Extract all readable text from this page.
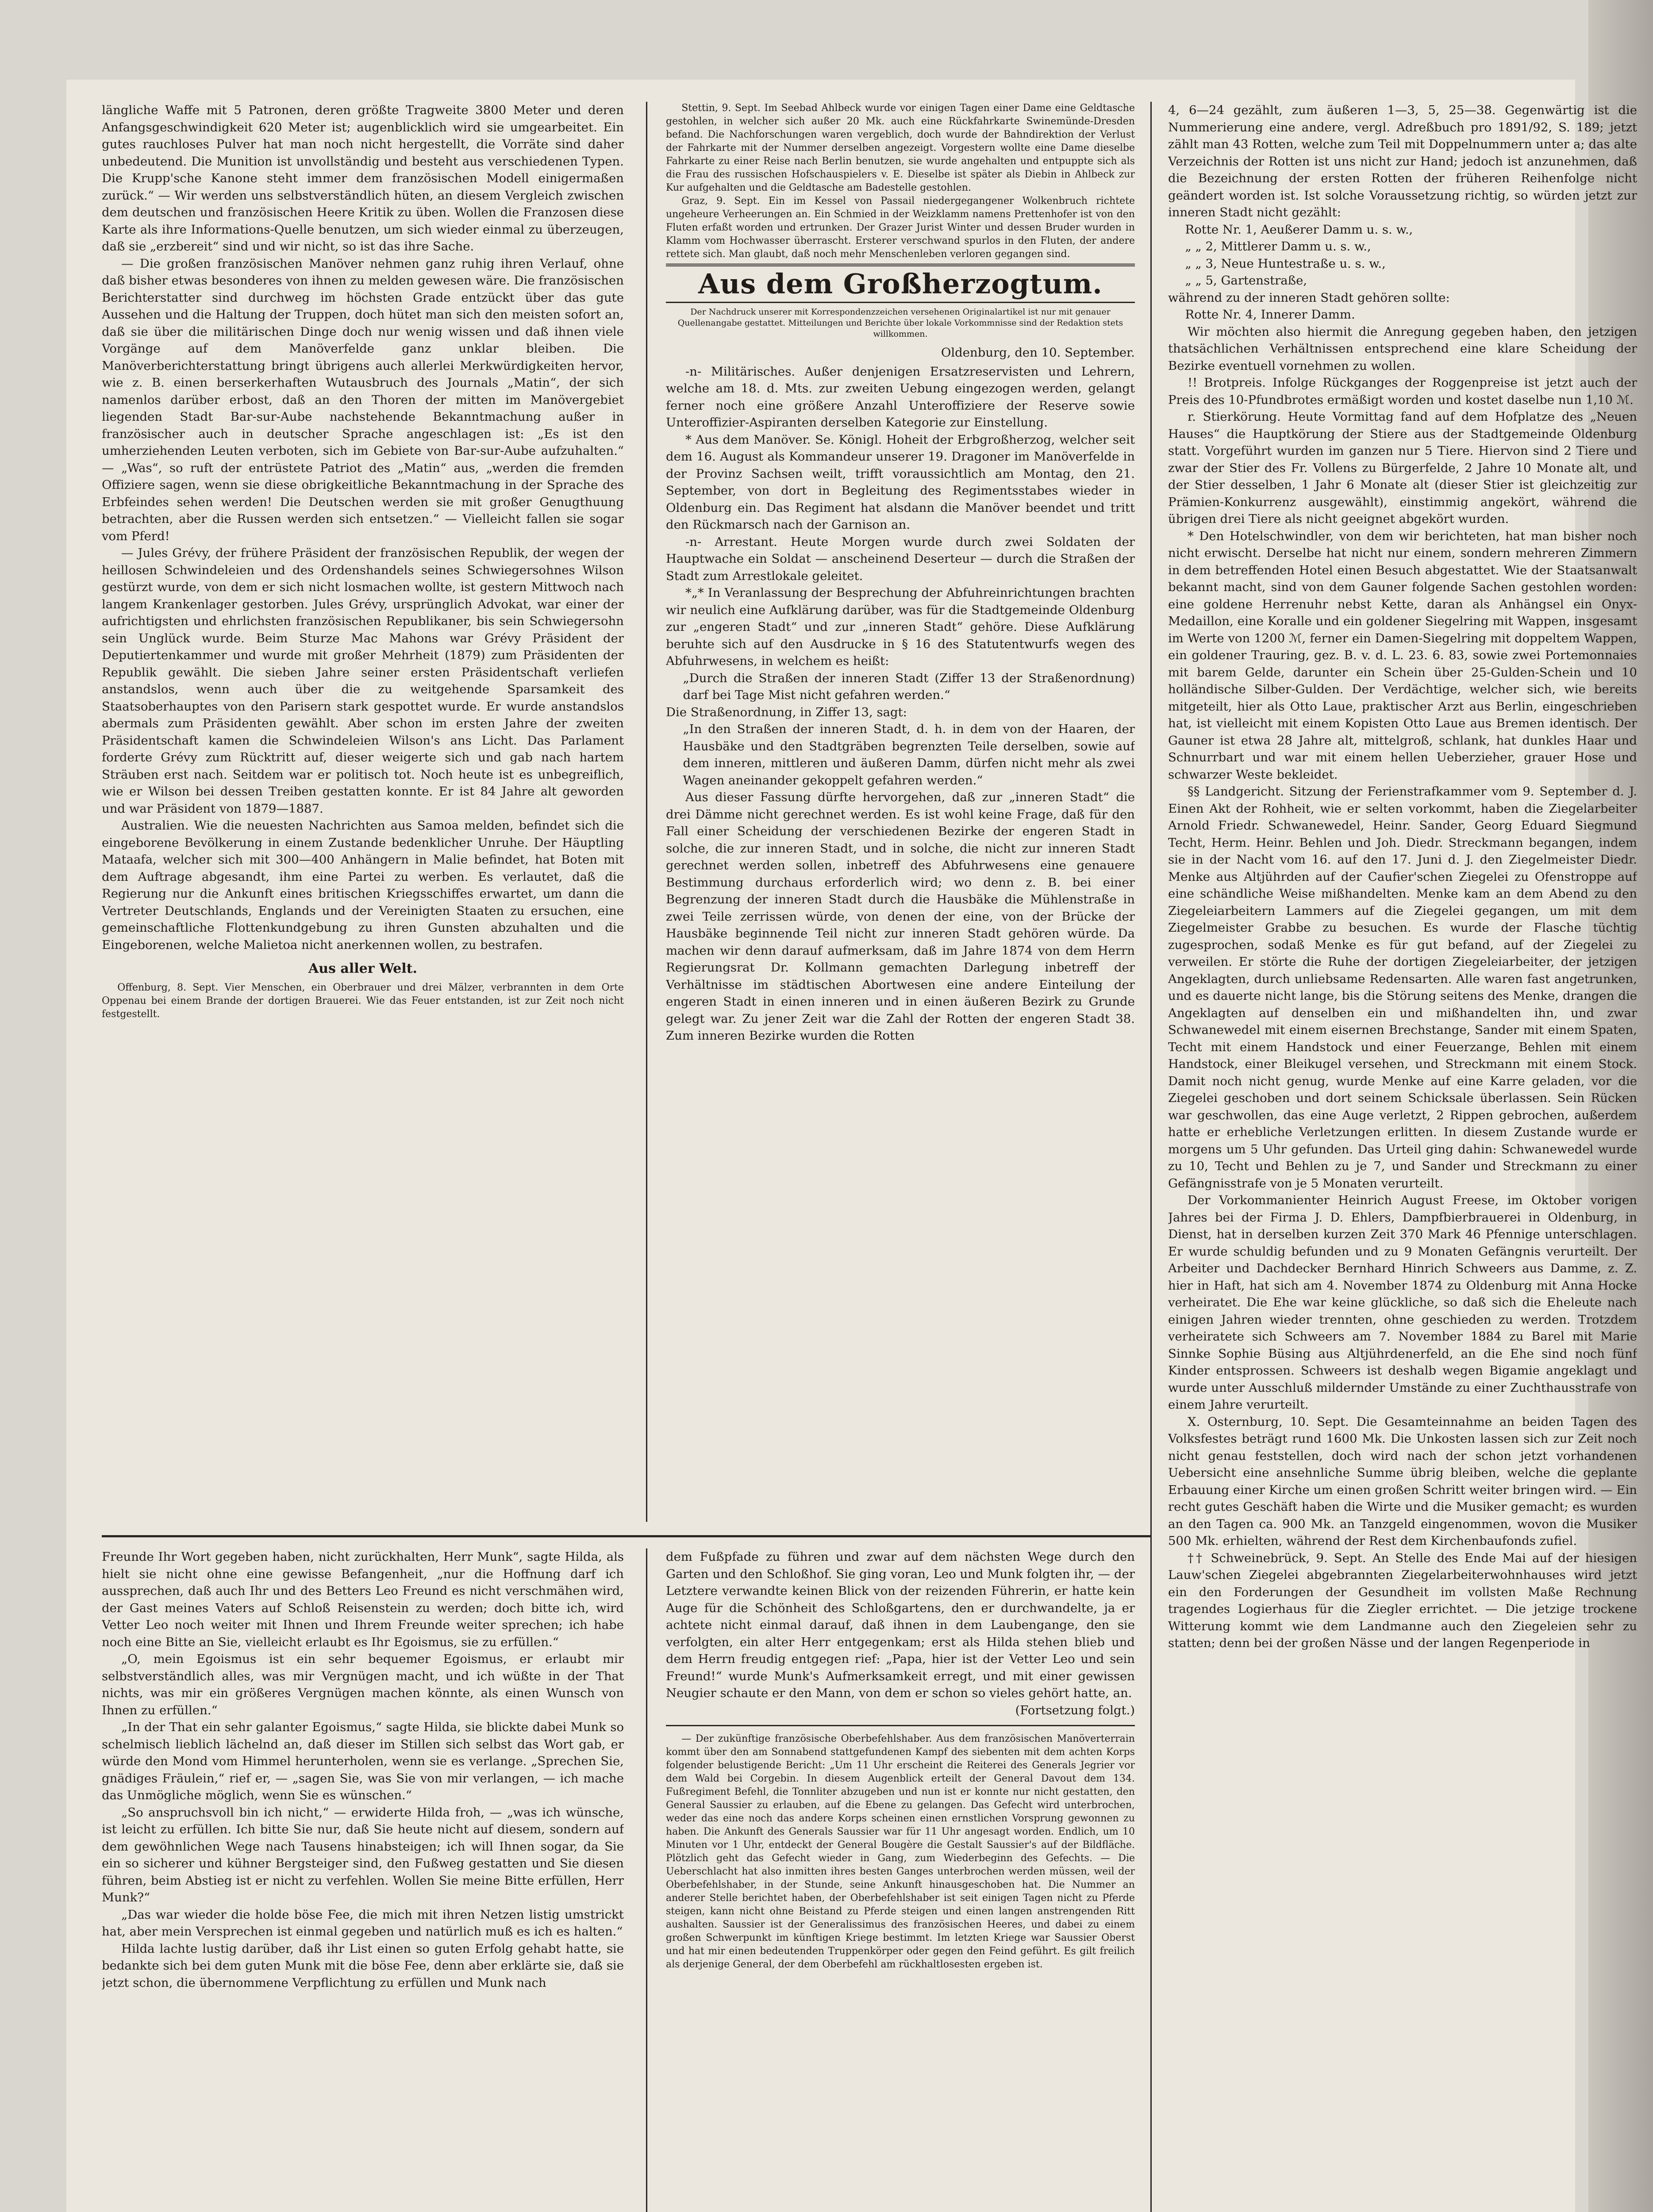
längliche Waffe mit 5 Patronen, deren größte Tragweite 3800 Meter und deren Anfangsgeschwindigkeit 620 Meter ist; augenblicklich wird sie umgearbeitet. Ein gutes rauchloses Pulver hat man noch nicht hergestellt, die Vorräte sind daher unbedeutend. Die Munition ist unvollständig und besteht aus verschiedenen Typen. Die Krupp'sche Kanone steht immer dem französischen Modell einigermaßen zurück.“ — Wir werden uns selbstverständlich hüten, an diesem Vergleich zwischen dem deutschen und französischen Heere Kritik zu üben. Wollen die Franzosen diese Karte als ihre Informations-Quelle benutzen, um sich wieder einmal zu überzeugen, daß sie „erzbereit“ sind und wir nicht, so ist das ihre Sache.

— Die großen französischen Manöver nehmen ganz ruhig ihren Verlauf, ohne daß bisher etwas besonderes von ihnen zu melden gewesen wäre. Die französischen Berichterstatter sind durchweg im höchsten Grade entzückt über das gute Aussehen und die Haltung der Truppen, doch hütet man sich den meisten sofort an, daß sie über die militärischen Dinge doch nur wenig wissen und daß ihnen viele Vorgänge auf dem Manöverfelde ganz unklar bleiben. Die Manöverberichterstattung bringt übrigens auch allerlei Merkwürdigkeiten hervor, wie z. B. einen berserkerhaften Wutausbruch des Journals „Matin“, der sich namenlos darüber erbost, daß an den Thoren der mitten im Manövergebiet liegenden Stadt Bar-sur-Aube nachstehende Bekanntmachung außer in französischer auch in deutscher Sprache angeschlagen ist: „Es ist den umherziehenden Leuten verboten, sich im Gebiete von Bar-sur-Aube aufzuhalten.“ — „Was“, so ruft der entrüstete Patriot des „Matin“ aus, „werden die fremden Offiziere sagen, wenn sie diese obrigkeitliche Bekanntmachung in der Sprache des Erbfeindes sehen werden! Die Deutschen werden sie mit großer Genugthuung betrachten, aber die Russen werden sich entsetzen.“ — Vielleicht fallen sie sogar vom Pferd!

— Jules Grévy, der frühere Präsident der französischen Republik, der wegen der heillosen Schwindeleien und des Ordenshandels seines Schwiegersohnes Wilson gestürzt wurde, von dem er sich nicht losmachen wollte, ist gestern Mittwoch nach langem Krankenlager gestorben. Jules Grévy, ursprünglich Advokat, war einer der aufrichtigsten und ehrlichsten französischen Republikaner, bis sein Schwiegersohn sein Unglück wurde. Beim Sturze Mac Mahons war Grévy Präsident der Deputiertenkammer und wurde mit großer Mehrheit (1879) zum Präsidenten der Republik gewählt. Die sieben Jahre seiner ersten Präsidentschaft verliefen anstandslos, wenn auch über die zu weitgehende Sparsamkeit des Staatsoberhauptes von den Parisern stark gespottet wurde. Er wurde anstandslos abermals zum Präsidenten gewählt. Aber schon im ersten Jahre der zweiten Präsidentschaft kamen die Schwindeleien Wilson's ans Licht. Das Parlament forderte Grévy zum Rücktritt auf, dieser weigerte sich und gab nach hartem Sträuben erst nach. Seitdem war er politisch tot. Noch heute ist es unbegreiflich, wie er Wilson bei dessen Treiben gestatten konnte. Er ist 84 Jahre alt geworden und war Präsident von 1879—1887.

Australien. Wie die neuesten Nachrichten aus Samoa melden, befindet sich die eingeborene Bevölkerung in einem Zustande bedenklicher Unruhe. Der Häuptling Mataafa, welcher sich mit 300—400 Anhängern in Malie befindet, hat Boten mit dem Auftrage abgesandt, ihm eine Partei zu werben. Es verlautet, daß die Regierung nur die Ankunft eines britischen Kriegsschiffes erwartet, um dann die Vertreter Deutschlands, Englands und der Vereinigten Staaten zu ersuchen, eine gemeinschaftliche Flottenkundgebung zu ihren Gunsten abzuhalten und die Eingeborenen, welche Malietoa nicht anerkennen wollen, zu bestrafen.

Aus aller Welt.

Offenburg, 8. Sept. Vier Menschen, ein Oberbrauer und drei Mälzer, verbrannten in dem Orte Oppenau bei einem Brande der dortigen Brauerei. Wie das Feuer entstanden, ist zur Zeit noch nicht festgestellt.

Stettin, 9. Sept. Im Seebad Ahlbeck wurde vor einigen Tagen einer Dame eine Geldtasche gestohlen, in welcher sich außer 20 Mk. auch eine Rückfahrkarte Swinemünde-Dresden befand. Die Nachforschungen waren vergeblich, doch wurde der Bahndirektion der Verlust der Fahrkarte mit der Nummer derselben angezeigt. Vorgestern wollte eine Dame dieselbe Fahrkarte zu einer Reise nach Berlin benutzen, sie wurde angehalten und entpuppte sich als die Frau des russischen Hofschauspielers v. E. Dieselbe ist später als Diebin in Ahlbeck zur Kur aufgehalten und die Geldtasche am Badestelle gestohlen.

Graz, 9. Sept. Ein im Kessel von Passail niedergegangener Wolkenbruch richtete ungeheure Verheerungen an. Ein Schmied in der Weizklamm namens Prettenhofer ist von den Fluten erfaßt worden und ertrunken. Der Grazer Jurist Winter und dessen Bruder wurden in Klamm vom Hochwasser überrascht. Ersterer verschwand spurlos in den Fluten, der andere rettete sich. Man glaubt, daß noch mehr Menschenleben verloren gegangen sind.

Aus dem Großherzogtum.
Der Nachdruck unserer mit Korrespondenzzeichen versehenen Originalartikel ist nur mit genauer Quellenangabe gestattet. Mitteilungen und Berichte über lokale Vorkommnisse sind der Redaktion stets willkommen.
Oldenburg, den 10. September.

-n- Militärisches. Außer denjenigen Ersatzreservisten und Lehrern, welche am 18. d. Mts. zur zweiten Uebung eingezogen werden, gelangt ferner noch eine größere Anzahl Unteroffiziere der Reserve sowie Unteroffizier-Aspiranten derselben Kategorie zur Einstellung.

* Aus dem Manöver. Se. Königl. Hoheit der Erbgroßherzog, welcher seit dem 16. August als Kommandeur unserer 19. Dragoner im Manöverfelde in der Provinz Sachsen weilt, trifft voraussichtlich am Montag, den 21. September, von dort in Begleitung des Regimentsstabes wieder in Oldenburg ein. Das Regiment hat alsdann die Manöver beendet und tritt den Rückmarsch nach der Garnison an.

-n- Arrestant. Heute Morgen wurde durch zwei Soldaten der Hauptwache ein Soldat — anscheinend Deserteur — durch die Straßen der Stadt zum Arrestlokale geleitet.

*„* In Veranlassung der Besprechung der Abfuhreinrichtungen brachten wir neulich eine Aufklärung darüber, was für die Stadtgemeinde Oldenburg zur „engeren Stadt“ und zur „inneren Stadt“ gehöre. Diese Aufklärung beruhte sich auf den Ausdrucke in § 16 des Statutentwurfs wegen des Abfuhrwesens, in welchem es heißt:

„Durch die Straßen der inneren Stadt (Ziffer 13 der Straßenordnung) darf bei Tage Mist nicht gefahren werden.“

Die Straßenordnung, in Ziffer 13, sagt:

„In den Straßen der inneren Stadt, d. h. in dem von der Haaren, der Hausbäke und den Stadtgräben begrenzten Teile derselben, sowie auf dem inneren, mittleren und äußeren Damm, dürfen nicht mehr als zwei Wagen aneinander gekoppelt gefahren werden.“

Aus dieser Fassung dürfte hervorgehen, daß zur „inneren Stadt“ die drei Dämme nicht gerechnet werden. Es ist wohl keine Frage, daß für den Fall einer Scheidung der verschiedenen Bezirke der engeren Stadt in solche, die zur inneren Stadt, und in solche, die nicht zur inneren Stadt gerechnet werden sollen, inbetreff des Abfuhrwesens eine genauere Bestimmung durchaus erforderlich wird; wo denn z. B. bei einer Begrenzung der inneren Stadt durch die Hausbäke die Mühlenstraße in zwei Teile zerrissen würde, von denen der eine, von der Brücke der Hausbäke beginnende Teil nicht zur inneren Stadt gehören würde. Da machen wir denn darauf aufmerksam, daß im Jahre 1874 von dem Herrn Regierungsrat Dr. Kollmann gemachten Darlegung inbetreff der Verhältnisse im städtischen Abortwesen eine andere Einteilung der engeren Stadt in einen inneren und in einen äußeren Bezirk zu Grunde gelegt war. Zu jener Zeit war die Zahl der Rotten der engeren Stadt 38. Zum inneren Bezirke wurden die Rotten

4, 6—24 gezählt, zum äußeren 1—3, 5, 25—38. Gegenwärtig ist die Nummerierung eine andere, vergl. Adreßbuch pro 1891/92, S. 189; jetzt zählt man 43 Rotten, welche zum Teil mit Doppelnummern unter a; das alte Verzeichnis der Rotten ist uns nicht zur Hand; jedoch ist anzunehmen, daß die Bezeichnung der ersten Rotten der früheren Reihenfolge nicht geändert worden ist. Ist solche Voraussetzung richtig, so würden jetzt zur inneren Stadt nicht gezählt:

Rotte Nr. 1, Aeußerer Damm u. s. w.,

„ „ 2, Mittlerer Damm u. s. w.,

„ „ 3, Neue Huntestraße u. s. w.,

„ „ 5, Gartenstraße,

während zu der inneren Stadt gehören sollte:

Rotte Nr. 4, Innerer Damm.

Wir möchten also hiermit die Anregung gegeben haben, den jetzigen thatsächlichen Verhältnissen entsprechend eine klare Scheidung der Bezirke eventuell vornehmen zu wollen.

!! Brotpreis. Infolge Rückganges der Roggenpreise ist jetzt auch der Preis des 10-Pfundbrotes ermäßigt worden und kostet daselbe nun 1,10 ℳ.

r. Stierkörung. Heute Vormittag fand auf dem Hofplatze des „Neuen Hauses“ die Hauptkörung der Stiere aus der Stadtgemeinde Oldenburg statt. Vorgeführt wurden im ganzen nur 5 Tiere. Hiervon sind 2 Tiere und zwar der Stier des Fr. Vollens zu Bürgerfelde, 2 Jahre 10 Monate alt, und der Stier desselben, 1 Jahr 6 Monate alt (dieser Stier ist gleichzeitig zur Prämien-Konkurrenz ausgewählt), einstimmig angekört, während die übrigen drei Tiere als nicht geeignet abgekört wurden.

* Den Hotelschwindler, von dem wir berichteten, hat man bisher noch nicht erwischt. Derselbe hat nicht nur einem, sondern mehreren Zimmern in dem betreffenden Hotel einen Besuch abgestattet. Wie der Staatsanwalt bekannt macht, sind von dem Gauner folgende Sachen gestohlen worden: eine goldene Herrenuhr nebst Kette, daran als Anhängsel ein Onyx-Medaillon, eine Koralle und ein goldener Siegelring mit Wappen, insgesamt im Werte von 1200 ℳ, ferner ein Damen-Siegelring mit doppeltem Wappen, ein goldener Trauring, gez. B. v. d. L. 23. 6. 83, sowie zwei Portemonnaies mit barem Gelde, darunter ein Schein über 25-Gulden-Schein und 10 holländische Silber-Gulden. Der Verdächtige, welcher sich, wie bereits mitgeteilt, hier als Otto Laue, praktischer Arzt aus Berlin, eingeschrieben hat, ist vielleicht mit einem Kopisten Otto Laue aus Bremen identisch. Der Gauner ist etwa 28 Jahre alt, mittelgroß, schlank, hat dunkles Haar und Schnurrbart und war mit einem hellen Ueberzieher, grauer Hose und schwarzer Weste bekleidet.

§§ Landgericht. Sitzung der Ferienstrafkammer vom 9. September d. J. Einen Akt der Rohheit, wie er selten vorkommt, haben die Ziegelarbeiter Arnold Friedr. Schwanewedel, Heinr. Sander, Georg Eduard Siegmund Techt, Herm. Heinr. Behlen und Joh. Diedr. Streckmann begangen, indem sie in der Nacht vom 16. auf den 17. Juni d. J. den Ziegelmeister Diedr. Menke aus Altjührden auf der Caufier'schen Ziegelei zu Ofenstroppe auf eine schändliche Weise mißhandelten. Menke kam an dem Abend zu den Ziegeleiarbeitern Lammers auf die Ziegelei gegangen, um mit dem Ziegelmeister Grabbe zu besuchen. Es wurde der Flasche tüchtig zugesprochen, sodaß Menke es für gut befand, auf der Ziegelei zu verweilen. Er störte die Ruhe der dortigen Ziegeleiarbeiter, der jetzigen Angeklagten, durch unliebsame Redensarten. Alle waren fast angetrunken, und es dauerte nicht lange, bis die Störung seitens des Menke, drangen die Angeklagten auf denselben ein und mißhandelten ihn, und zwar Schwanewedel mit einem eisernen Brechstange, Sander mit einem Spaten, Techt mit einem Handstock und einer Feuerzange, Behlen mit einem Handstock, einer Bleikugel versehen, und Streckmann mit einem Stock. Damit noch nicht genug, wurde Menke auf eine Karre geladen, vor die Ziegelei geschoben und dort seinem Schicksale überlassen. Sein Rücken war geschwollen, das eine Auge verletzt, 2 Rippen gebrochen, außerdem hatte er erhebliche Verletzungen erlitten. In diesem Zustande wurde er morgens um 5 Uhr gefunden. Das Urteil ging dahin: Schwanewedel wurde zu 10, Techt und Behlen zu je 7, und Sander und Streckmann zu einer Gefängnisstrafe von je 5 Monaten verurteilt.

Der Vorkommanienter Heinrich August Freese, im Oktober vorigen Jahres bei der Firma J. D. Ehlers, Dampfbierbrauerei in Oldenburg, in Dienst, hat in derselben kurzen Zeit 370 Mark 46 Pfennige unterschlagen. Er wurde schuldig befunden und zu 9 Monaten Gefängnis verurteilt. Der Arbeiter und Dachdecker Bernhard Hinrich Schweers aus Damme, z. Z. hier in Haft, hat sich am 4. November 1874 zu Oldenburg mit Anna Hocke verheiratet. Die Ehe war keine glückliche, so daß sich die Eheleute nach einigen Jahren wieder trennten, ohne geschieden zu werden. Trotzdem verheiratete sich Schweers am 7. November 1884 zu Barel mit Marie Sinnke Sophie Büsing aus Altjührdenerfeld, an die Ehe sind noch fünf Kinder entsprossen. Schweers ist deshalb wegen Bigamie angeklagt und wurde unter Ausschluß mildernder Umstände zu einer Zuchthausstrafe von einem Jahre verurteilt.

X. Osternburg, 10. Sept. Die Gesamteinnahme an beiden Tagen des Volksfestes beträgt rund 1600 Mk. Die Unkosten lassen sich zur Zeit noch nicht genau feststellen, doch wird nach der schon jetzt vorhandenen Uebersicht eine ansehnliche Summe übrig bleiben, welche die geplante Erbauung einer Kirche um einen großen Schritt weiter bringen wird. — Ein recht gutes Geschäft haben die Wirte und die Musiker gemacht; es wurden an den Tagen ca. 900 Mk. an Tanzgeld eingenommen, wovon die Musiker 500 Mk. erhielten, während der Rest dem Kirchenbaufonds zufiel.

†† Schweinebrück, 9. Sept. An Stelle des Ende Mai auf der hiesigen Lauw'schen Ziegelei abgebrannten Ziegelarbeiterwohnhauses wird jetzt ein den Forderungen der Gesundheit im vollsten Maße Rechnung tragendes Logierhaus für die Ziegler errichtet. — Die jetzige trockene Witterung kommt wie dem Landmanne auch den Ziegeleien sehr zu statten; denn bei der großen Nässe und der langen Regenperiode in

Freunde Ihr Wort gegeben haben, nicht zurückhalten, Herr Munk“, sagte Hilda, als hielt sie nicht ohne eine gewisse Befangenheit, „nur die Hoffnung darf ich aussprechen, daß auch Ihr und des Betters Leo Freund es nicht verschmähen wird, der Gast meines Vaters auf Schloß Reisenstein zu werden; doch bitte ich, wird Vetter Leo noch weiter mit Ihnen und Ihrem Freunde weiter sprechen; ich habe noch eine Bitte an Sie, vielleicht erlaubt es Ihr Egoismus, sie zu erfüllen.“

„O, mein Egoismus ist ein sehr bequemer Egoismus, er erlaubt mir selbstverständlich alles, was mir Vergnügen macht, und ich wüßte in der That nichts, was mir ein größeres Vergnügen machen könnte, als einen Wunsch von Ihnen zu erfüllen.“

„In der That ein sehr galanter Egoismus,“ sagte Hilda, sie blickte dabei Munk so schelmisch lieblich lächelnd an, daß dieser im Stillen sich selbst das Wort gab, er würde den Mond vom Himmel herunterholen, wenn sie es verlange. „Sprechen Sie, gnädiges Fräulein,“ rief er, — „sagen Sie, was Sie von mir verlangen, — ich mache das Unmögliche möglich, wenn Sie es wünschen.“

„So anspruchsvoll bin ich nicht,“ — erwiderte Hilda froh, — „was ich wünsche, ist leicht zu erfüllen. Ich bitte Sie nur, daß Sie heute nicht auf diesem, sondern auf dem gewöhnlichen Wege nach Tausens hinabsteigen; ich will Ihnen sogar, da Sie ein so sicherer und kühner Bergsteiger sind, den Fußweg gestatten und Sie diesen führen, beim Abstieg ist er nicht zu verfehlen. Wollen Sie meine Bitte erfüllen, Herr Munk?“

„Das war wieder die holde böse Fee, die mich mit ihren Netzen listig umstrickt hat, aber mein Versprechen ist einmal gegeben und natürlich muß es ich es halten.“

Hilda lachte lustig darüber, daß ihr List einen so guten Erfolg gehabt hatte, sie bedankte sich bei dem guten Munk mit die böse Fee, denn aber erklärte sie, daß sie jetzt schon, die übernommene Verpflichtung zu erfüllen und Munk nach

dem Fußpfade zu führen und zwar auf dem nächsten Wege durch den Garten und den Schloßhof. Sie ging voran, Leo und Munk folgten ihr, — der Letztere verwandte keinen Blick von der reizenden Führerin, er hatte kein Auge für die Schönheit des Schloßgartens, den er durchwandelte, ja er achtete nicht einmal darauf, daß ihnen in dem Laubengange, den sie verfolgten, ein alter Herr entgegenkam; erst als Hilda stehen blieb und dem Herrn freudig entgegen rief: „Papa, hier ist der Vetter Leo und sein Freund!“ wurde Munk's Aufmerksamkeit erregt, und mit einer gewissen Neugier schaute er den Mann, von dem er schon so vieles gehört hatte, an.

(Fortsetzung folgt.)

— Der zukünftige französische Oberbefehlshaber. Aus dem französischen Manöverterrain kommt über den am Sonnabend stattgefundenen Kampf des siebenten mit dem achten Korps folgender belustigende Bericht: „Um 11 Uhr erscheint die Reiterei des Generals Jegrier vor dem Wald bei Corgebin. In diesem Augenblick erteilt der General Davout dem 134. Fußregiment Befehl, die Tonnliter abzugeben und nun ist er konnte nur nicht gestatten, den General Saussier zu erlauben, auf die Ebene zu gelangen. Das Gefecht wird unterbrochen, weder das eine noch das andere Korps scheinen einen ernstlichen Vorsprung gewonnen zu haben. Die Ankunft des Generals Saussier war für 11 Uhr angesagt worden. Endlich, um 10 Minuten vor 1 Uhr, entdeckt der General Bougère die Gestalt Saussier's auf der Bildfläche. Plötzlich geht das Gefecht wieder in Gang, zum Wiederbeginn des Gefechts. — Die Ueberschlacht hat also inmitten ihres besten Ganges unterbrochen werden müssen, weil der Oberbefehlshaber, in der Stunde, seine Ankunft hinausgeschoben hat. Die Nummer an anderer Stelle berichtet haben, der Oberbefehlshaber ist seit einigen Tagen nicht zu Pferde steigen, kann nicht ohne Beistand zu Pferde steigen und einen langen anstrengenden Ritt aushalten. Saussier ist der Generalissimus des französischen Heeres, und dabei zu einem großen Schwerpunkt im künftigen Kriege bestimmt. Im letzten Kriege war Saussier Oberst und hat mir einen bedeutenden Truppenkörper oder gegen den Feind geführt. Es gilt freilich als derjenige General, der dem Oberbefehl am rückhaltlosesten ergeben ist.
